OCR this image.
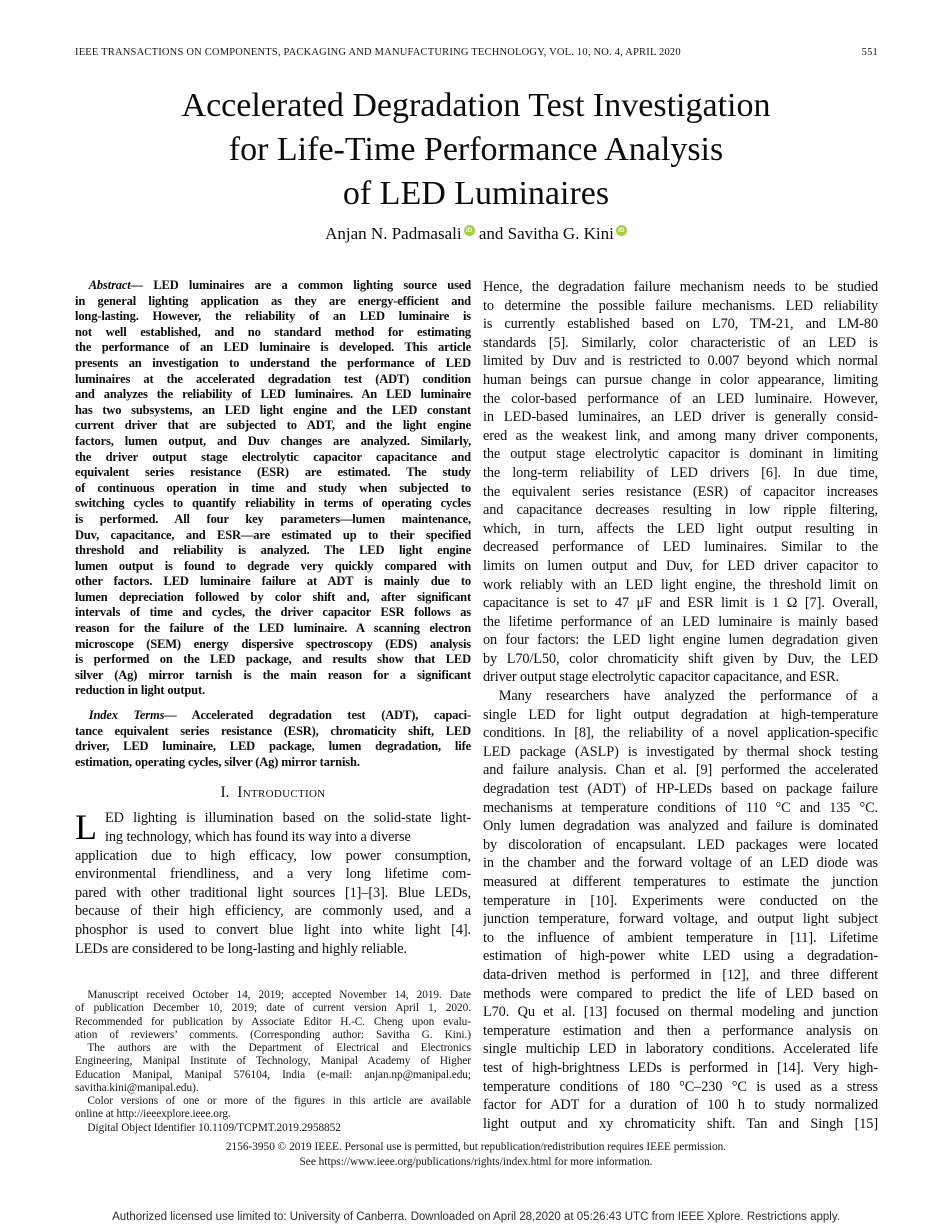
IEEE TRANSACTIONS ON COMPONENTS, PACKAGING AND MANUFACTURING TECHNOLOGY, VOL. 10, NO. 4, APRIL 2020	551
Accelerated Degradation Test Investigation
for Life-Time Performance Analysis
of LED Luminaires
Anjan N. Padmasali iD and Savitha G. Kini iD
Abstract— LED luminaires are a common lighting source used
in general lighting application as they are energy-efficient and
long-lasting. However, the reliability of an LED luminaire is
not well established, and no standard method for estimating
the performance of an LED luminaire is developed. This article
presents an investigation to understand the performance of LED
luminaires at the accelerated degradation test (ADT) condition
and analyzes the reliability of LED luminaires. An LED luminaire
has two subsystems, an LED light engine and the LED constant
current driver that are subjected to ADT, and the light engine
factors, lumen output, and Duv changes are analyzed. Similarly,
the driver output stage electrolytic capacitor capacitance and
equivalent series resistance (ESR) are estimated. The study
of continuous operation in time and study when subjected to
switching cycles to quantify reliability in terms of operating cycles
is performed. All four key parameters—lumen maintenance,
Duv, capacitance, and ESR—are estimated up to their specified
threshold and reliability is analyzed. The LED light engine
lumen output is found to degrade very quickly compared with
other factors. LED luminaire failure at ADT is mainly due to
lumen depreciation followed by color shift and, after significant
intervals of time and cycles, the driver capacitor ESR follows as
reason for the failure of the LED luminaire. A scanning electron
microscope (SEM) energy dispersive spectroscopy (EDS) analysis
is performed on the LED package, and results show that LED
silver (Ag) mirror tarnish is the main reason for a significant
reduction in light output.
Index Terms— Accelerated degradation test (ADT), capaci-
tance equivalent series resistance (ESR), chromaticity shift, LED
driver, LED luminaire, LED package, lumen degradation, life
estimation, operating cycles, silver (Ag) mirror tarnish.
I. Introduction
L ED lighting is illumination based on the solid-state light-
ing technology, which has found its way into a diverse
application due to high efficacy, low power consumption,
environmental friendliness, and a very long lifetime com-
pared with other traditional light sources [1]–[3]. Blue LEDs,
because of their high efficiency, are commonly used, and a
phosphor is used to convert blue light into white light [4].
LEDs are considered to be long-lasting and highly reliable.
Manuscript received October 14, 2019; accepted November 14, 2019. Date
of publication December 10, 2019; date of current version April 1, 2020.
Recommended for publication by Associate Editor H.-C. Cheng upon evalu-
ation of reviewers’ comments. (Corresponding author: Savitha G. Kini.)
The authors are with the Department of Electrical and Electronics
Engineering, Manipal Institute of Technology, Manipal Academy of Higher
Education Manipal, Manipal 576104, India (e-mail: anjan.np@manipal.edu;
savitha.kini@manipal.edu).
Color versions of one or more of the figures in this article are available
online at http://ieeexplore.ieee.org.
Digital Object Identifier 10.1109/TCPMT.2019.2958852
Hence, the degradation failure mechanism needs to be studied
to determine the possible failure mechanisms. LED reliability
is currently established based on L70, TM-21, and LM-80
standards [5]. Similarly, color characteristic of an LED is
limited by Duv and is restricted to 0.007 beyond which normal
human beings can pursue change in color appearance, limiting
the color-based performance of an LED luminaire. However,
in LED-based luminaires, an LED driver is generally consid-
ered as the weakest link, and among many driver components,
the output stage electrolytic capacitor is dominant in limiting
the long-term reliability of LED drivers [6]. In due time,
the equivalent series resistance (ESR) of capacitor increases
and capacitance decreases resulting in low ripple filtering,
which, in turn, affects the LED light output resulting in
decreased performance of LED luminaires. Similar to the
limits on lumen output and Duv, for LED driver capacitor to
work reliably with an LED light engine, the threshold limit on
capacitance is set to 47 μF and ESR limit is 1 Ω [7]. Overall,
the lifetime performance of an LED luminaire is mainly based
on four factors: the LED light engine lumen degradation given
by L70/L50, color chromaticity shift given by Duv, the LED
driver output stage electrolytic capacitor capacitance, and ESR.
Many researchers have analyzed the performance of a
single LED for light output degradation at high-temperature
conditions. In [8], the reliability of a novel application-specific
LED package (ASLP) is investigated by thermal shock testing
and failure analysis. Chan et al. [9] performed the accelerated
degradation test (ADT) of HP-LEDs based on package failure
mechanisms at temperature conditions of 110 °C and 135 °C.
Only lumen degradation was analyzed and failure is dominated
by discoloration of encapsulant. LED packages were located
in the chamber and the forward voltage of an LED diode was
measured at different temperatures to estimate the junction
temperature in [10]. Experiments were conducted on the
junction temperature, forward voltage, and output light subject
to the influence of ambient temperature in [11]. Lifetime
estimation of high-power white LED using a degradation-
data-driven method is performed in [12], and three different
methods were compared to predict the life of LED based on
L70. Qu et al. [13] focused on thermal modeling and junction
temperature estimation and then a performance analysis on
single multichip LED in laboratory conditions. Accelerated life
test of high-brightness LEDs is performed in [14]. Very high-
temperature conditions of 180 °C–230 °C is used as a stress
factor for ADT for a duration of 100 h to study normalized
light output and xy chromaticity shift. Tan and Singh [15]
2156-3950 © 2019 IEEE. Personal use is permitted, but republication/redistribution requires IEEE permission.
See https://www.ieee.org/publications/rights/index.html for more information.
Authorized licensed use limited to: University of Canberra. Downloaded on April 28,2020 at 05:26:43 UTC from IEEE Xplore. Restrictions apply.
